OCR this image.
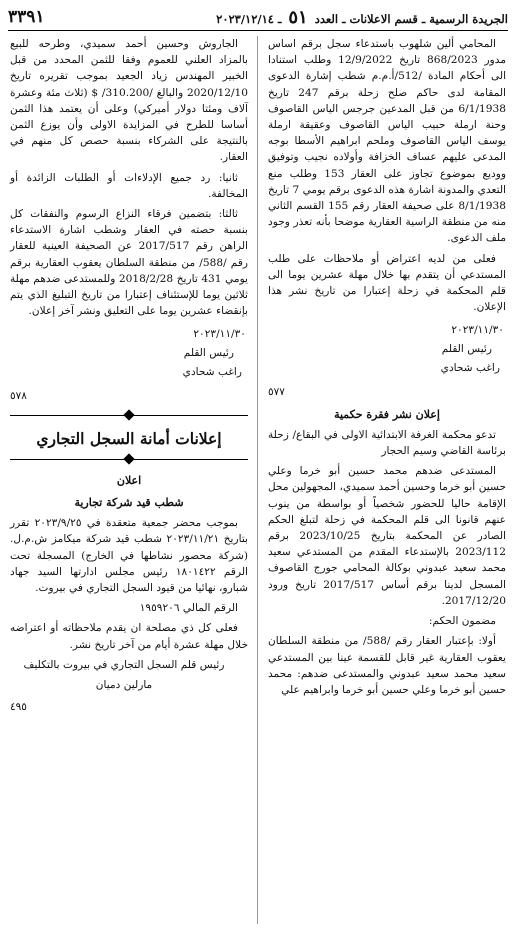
الجريدة الرسمية ـ قسم الاعلانات ـ العدد ٥١ ـ ٢٠٢٣/١٢/١٤
٣٣٩١

المحامي ألين شلهوب باستدعاء سجل برقم اساس مدور 868/2023 تاريخ 12/9/2022 وطلب استنادا الى أحكام المادة /512/أ.م.م شطب إشارة الدعوى المقامة لدى حاكم صلح زحلة برقم 247 تاريخ 6/1/1938 من قبل المدعين جرجس الياس القاصوف وحنة ارملة حبيب الياس القاصوف وعقيقة ارملة يوسف الياس القاصوف وملحم ابراهيم الأسطا بوجه المدعى عليهم عساف الخزافة وأولاده نجيب وتوفيق ووديع بموضوع تجاوز على العقار 153 وطلب منع التعدي والمدونة اشارة هذه الدعوى برقم يومي 7 تاريخ 8/1/1938 على صحيفة العقار رقم 155 القسم الثاني منه من منطقة الراسية العقارية موضحا بأنه تعذر وجود ملف الدعوى.

فعلى من لديه اعتراض أو ملاحظات على طلب المستدعي أن يتقدم بها خلال مهلة عشرين يوما الى قلم المحكمة في زحلة إعتبارا من تاريخ نشر هذا الإعلان.

٢٠٢٣/١١/٣٠
رئيس القلم
راغب شحادي
٥٧٧
إعلان نشر فقرة حكمية

تدعو محكمة الغرفة الابتدائية الاولى في البقاع/ زحلة برئاسة القاضي وسيم الحجار

المستدعى ضدهم محمد حسين أبو خرما وعلي حسين أبو خرما وحسين أحمد سميدي، المجهولين محل الإقامة حاليا للحضور شخصياً أو بواسطة من ينوب عنهم قانونا الى قلم المحكمة في زحلة لتبلغ الحكم الصادر عن المحكمة بتاريخ 2023/10/25 برقم 2023/112 بالإستدعاء المقدم من المستدعي سعيد محمد سعيد عبدوني بوكالة المحامي جورج القاصوف المسجل لدينا برقم أساس 2017/517 تاريخ ورود 2017/12/20.

مضمون الحكم:

أولا: بإعتبار العقار رقم /588/ من منطقة السلطان يعقوب العقارية غير قابل للقسمة عينا بين المستدعي سعيد محمد سعيد عبدوني والمستدعى ضدهم: محمد حسين أبو خرما وعلي حسين أبو خرما وابراهيم علي

الجاروش وحسين أحمد سميدي، وطرحه للبيع بالمزاد العلني للعموم وفقا للثمن المحدد من قبل الخبير المهندس زياد الجعيد بموجب تقريره تاريخ 2020/12/10 والبالغ /310.200/ $ (ثلاث مئة وعشرة آلاف ومئتا دولار أميركي) وعلى أن يعتمد هذا الثمن أساسا للطرح في المزايدة الاولى وأن يوزع الثمن بالنتيجة على الشركاء بنسبة حصص كل منهم في العقار.

ثانيا: رد جميع الإدلاءات أو الطلبات الزائدة أو المخالفة.

ثالثا: بتضمين فرقاء النزاع الرسوم والنفقات كل بنسبة حصته في العقار وشطب اشارة الاستدعاء الراهن رقم 2017/517 عن الصحيفة العينية للعقار رقم /588/ من منطقة السلطان يعقوب العقارية برقم يومي 431 تاريخ 2018/2/28 وللمستدعى ضدهم مهلة ثلاثين يوما للإستئناف إعتبارا من تاريخ التبليغ الذي يتم بإنقضاء عشرين يوما على التعليق ونشر آخر إعلان.

٢٠٢٣/١١/٣٠
رئيس القلم
راغب شحادي
٥٧٨
إعلانات أمانة السجل التجاري
اعلان
شطب قيد شركة تجارية

بموجب محضر جمعية متعقدة في ٢٠٢٣/٩/٢٥ تقرر بتاريخ ٢٠٢٣/١١/٢١ شطب قيد شركة ميكامز ش.م.ل. (شركة محصور نشاطها في الخارج) المسجلة تحت الرقم ١٨٠١٤٢٢ رئيس مجلس ادارتها السيد جهاد شبارو، نهائيا من قيود السجل التجاري في بيروت.

الرقم المالي ١٩٥٩٢٠٦

فعلى كل ذي مصلحة ان يقدم ملاحظاته أو اعتراضه خلال مهلة عشرة أيام من آخر تاريخ نشر.

رئيس قلم السجل التجاري في بيروت بالتكليف

مارلين دميان

٤٩٥
